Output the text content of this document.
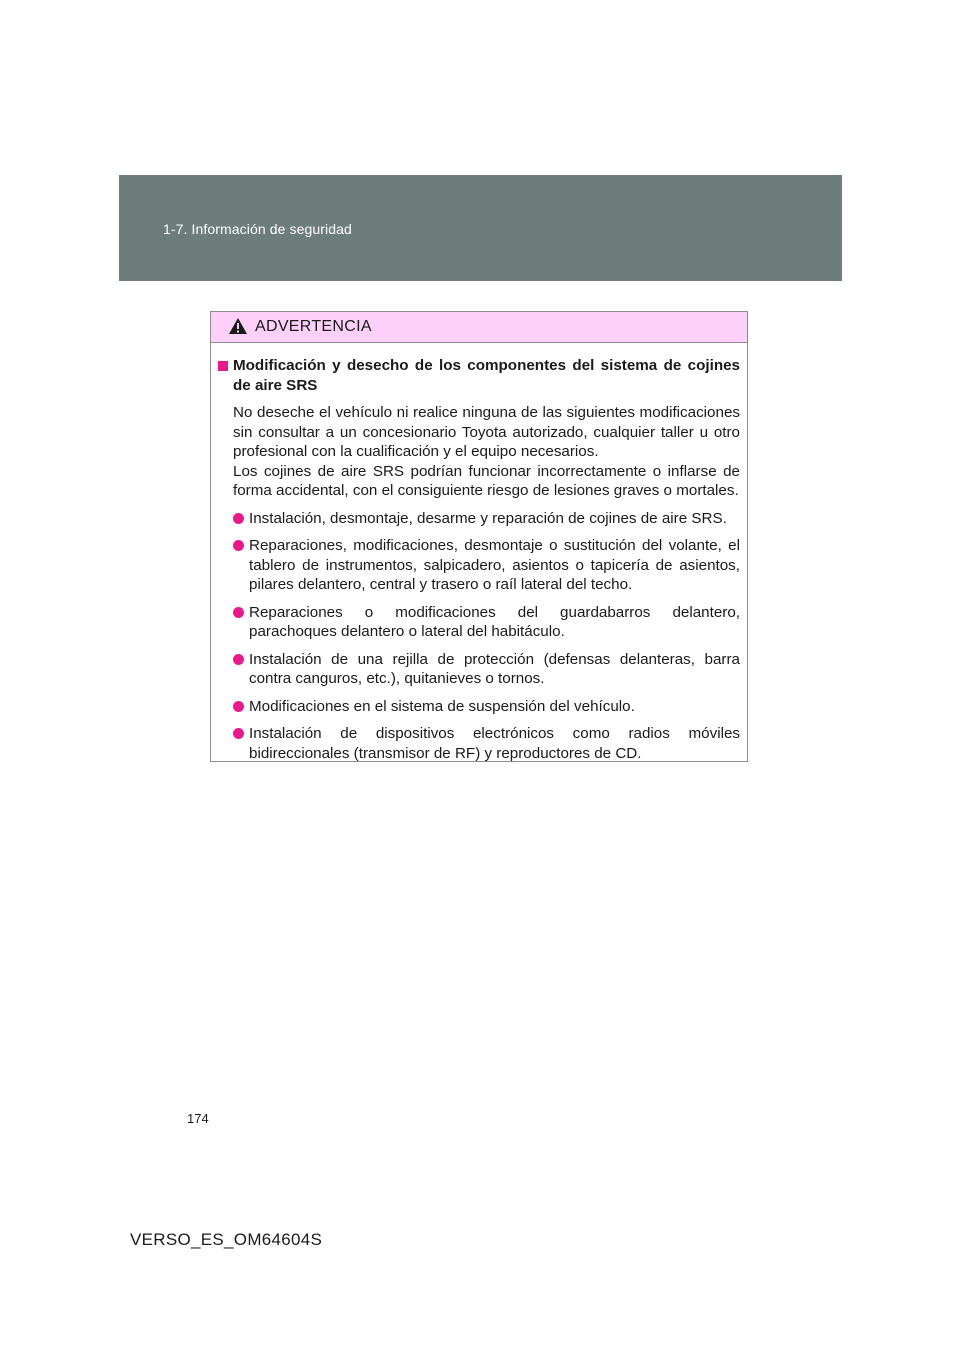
1-7. Información de seguridad
ADVERTENCIA
Modificación y desecho de los componentes del sistema de cojines de aire SRS
No deseche el vehículo ni realice ninguna de las siguientes modificaciones sin consultar a un concesionario Toyota autorizado, cualquier taller u otro profesional con la cualificación y el equipo necesarios.
Los cojines de aire SRS podrían funcionar incorrectamente o inflarse de forma accidental, con el consiguiente riesgo de lesiones graves o mortales.
Instalación, desmontaje, desarme y reparación de cojines de aire SRS.
Reparaciones, modificaciones, desmontaje o sustitución del volante, el tablero de instrumentos, salpicadero, asientos o tapicería de asientos, pilares delantero, central y trasero o raíl lateral del techo.
Reparaciones o modificaciones del guardabarros delantero, parachoques delantero o lateral del habitáculo.
Instalación de una rejilla de protección (defensas delanteras, barra contra canguros, etc.), quitanieves o tornos.
Modificaciones en el sistema de suspensión del vehículo.
Instalación de dispositivos electrónicos como radios móviles bidireccionales (transmisor de RF) y reproductores de CD.
174
VERSO_ES_OM64604S
